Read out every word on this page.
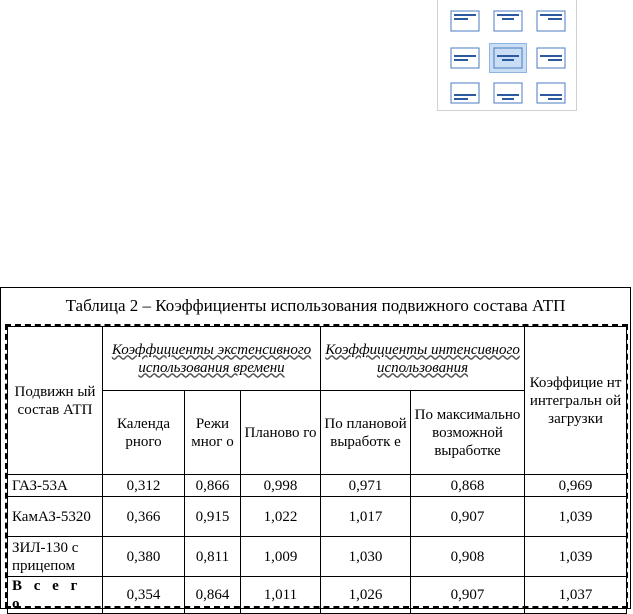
Таблица 2 – Коэффициенты использования подвижного состава АТП
Подвижн ый состав АТП	Коэффициенты экстенсивного использования времени			Коэффициенты интенсивного использования		Коэффицие нт интегральн ой загрузки
	Календа рного	Режи мног о	Планово го	По плановой выработк е	По максимально возможной выработке	
ГАЗ-53А	0,312	0,866	0,998	0,971	0,868	0,969
КамАЗ-5320	0,366	0,915	1,022	1,017	0,907	1,039
ЗИЛ-130 с прицепом	0,380	0,811	1,009	1,030	0,908	1,039
В с е г о	0,354	0,864	1,011	1,026	0,907	1,037
